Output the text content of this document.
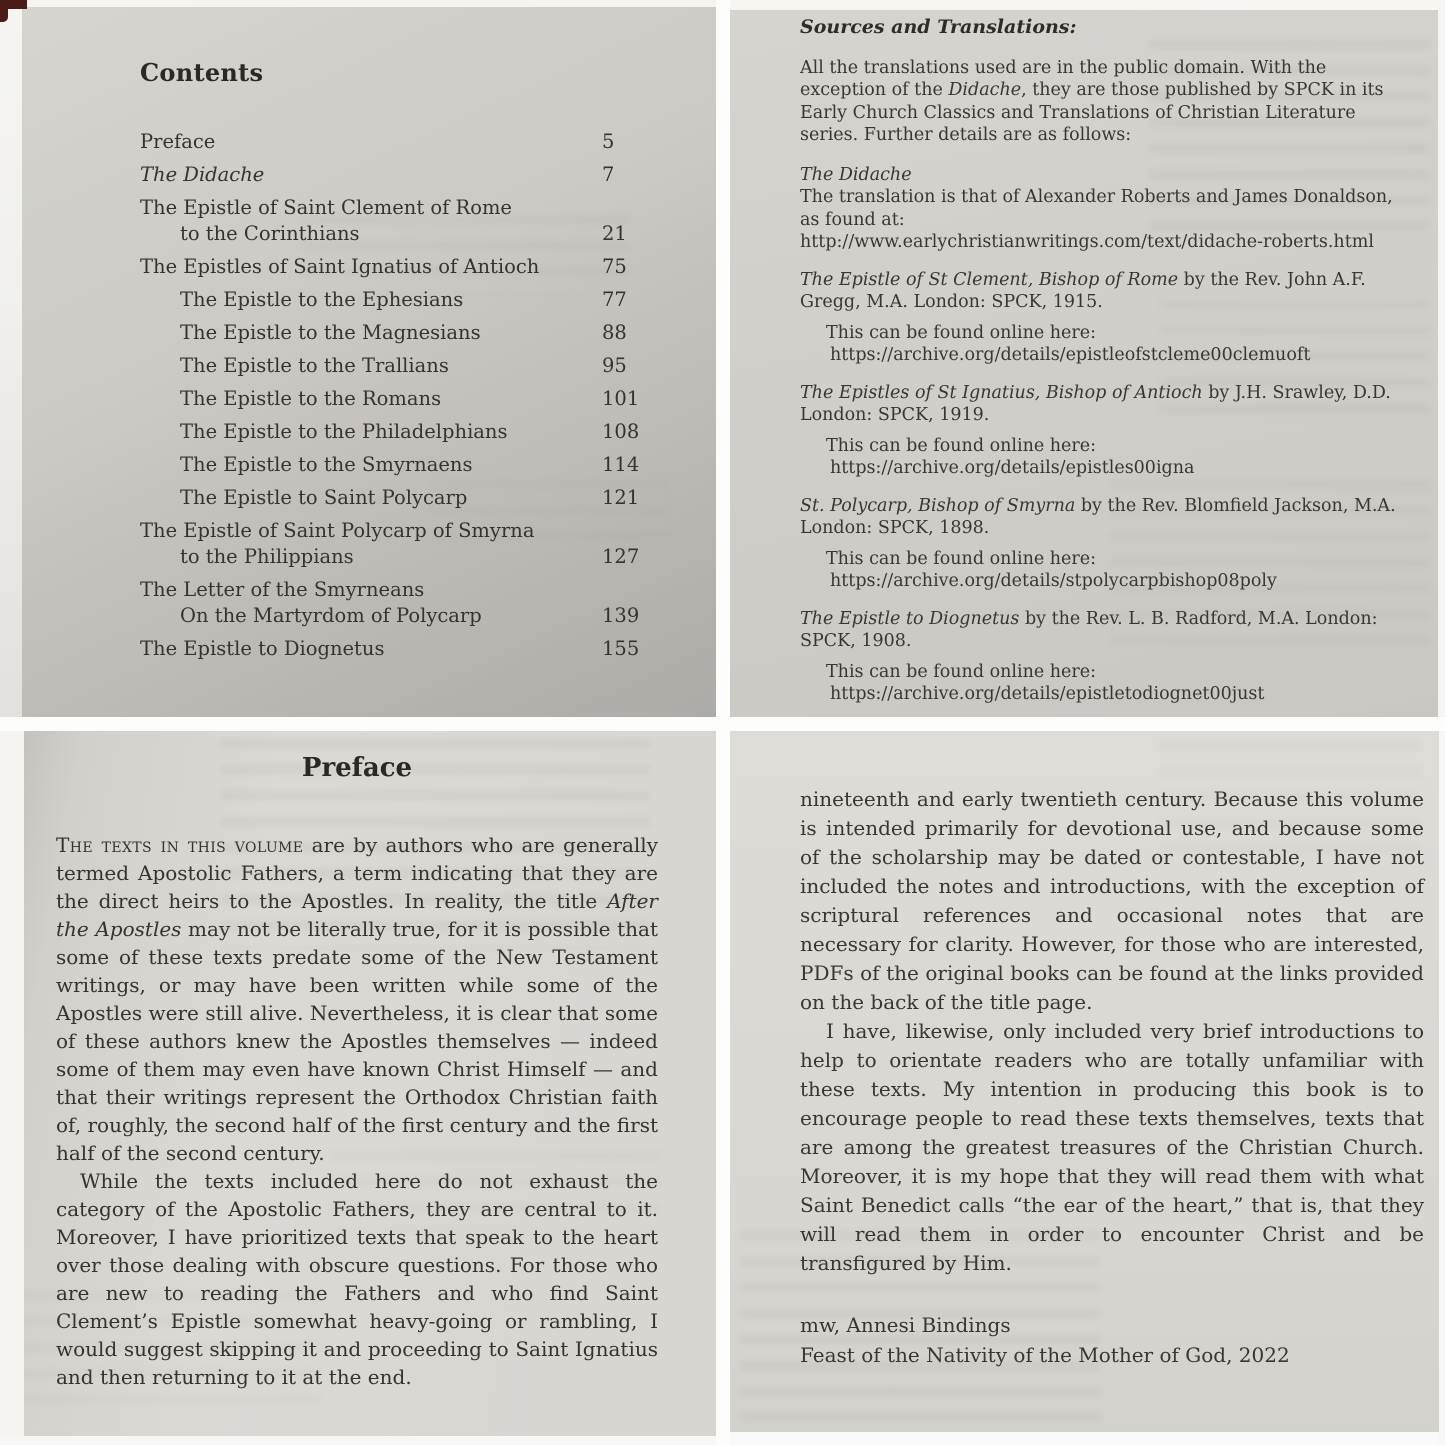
Contents
Preface	5
The Didache	7
The Epistle of Saint Clement of Rome
to the Corinthians	21
The Epistles of Saint Ignatius of Antioch	75
The Epistle to the Ephesians	77
The Epistle to the Magnesians	88
The Epistle to the Trallians	95
The Epistle to the Romans	101
The Epistle to the Philadelphians	108
The Epistle to the Smyrnaens	114
The Epistle to Saint Polycarp	121
The Epistle of Saint Polycarp of Smyrna
to the Philippians	127
The Letter of the Smyrneans
On the Martyrdom of Polycarp	139
The Epistle to Diognetus	155
Sources and Translations:

All the translations used are in the public domain. With the exception of the Didache, they are those published by SPCK in its Early Church Classics and Translations of Christian Literature series. Further details are as follows:

The Didache

The translation is that of Alexander Roberts and James Donaldson, as found at:

http://www.earlychristianwritings.com/text/didache-roberts.html

The Epistle of St Clement, Bishop of Rome by the Rev. John A.F. Gregg, M.A. London: SPCK, 1915.

This can be found online here:

https://archive.org/details/epistleofstcleme00clemuoft

The Epistles of St Ignatius, Bishop of Antioch by J.H. Srawley, D.D. London: SPCK, 1919.

This can be found online here:

https://archive.org/details/epistles00igna

St. Polycarp, Bishop of Smyrna by the Rev. Blomfield Jackson, M.A. London: SPCK, 1898.

This can be found online here:

https://archive.org/details/stpolycarpbishop08poly

The Epistle to Diognetus by the Rev. L. B. Radford, M.A. London: SPCK, 1908.

This can be found online here:

https://archive.org/details/epistletodiognet00just

Preface

The texts in this volume are by authors who are generally termed Apostolic Fathers, a term indicating that they are the direct heirs to the Apostles. In reality, the title After the Apostles may not be literally true, for it is possible that some of these texts predate some of the New Testament writings, or may have been written while some of the Apostles were still alive. Nevertheless, it is clear that some of these authors knew the Apostles themselves — indeed some of them may even have known Christ Himself — and that their writings represent the Orthodox Christian faith of, roughly, the second half of the first century and the first half of the second century.

While the texts included here do not exhaust the category of the Apostolic Fathers, they are central to it. Moreover, I have prioritized texts that speak to the heart over those dealing with obscure questions. For those who are new to reading the Fathers and who find Saint Clement’s Epistle somewhat heavy-going or rambling, I would suggest skipping it and proceeding to Saint Ignatius and then returning to it at the end.

nineteenth and early twentieth century. Because this volume is intended primarily for devotional use, and because some of the scholarship may be dated or contestable, I have not included the notes and introductions, with the exception of scriptural references and occasional notes that are necessary for clarity. However, for those who are interested, PDFs of the original books can be found at the links provided on the back of the title page.

I have, likewise, only included very brief introductions to help to orientate readers who are totally unfamiliar with these texts. My intention in producing this book is to encourage people to read these texts themselves, texts that are among the greatest treasures of the Christian Church. Moreover, it is my hope that they will read them with what Saint Benedict calls “the ear of the heart,” that is, that they will read them in order to encounter Christ and be transfigured by Him.

mw, Annesi Bindings

Feast of the Nativity of the Mother of God, 2022
